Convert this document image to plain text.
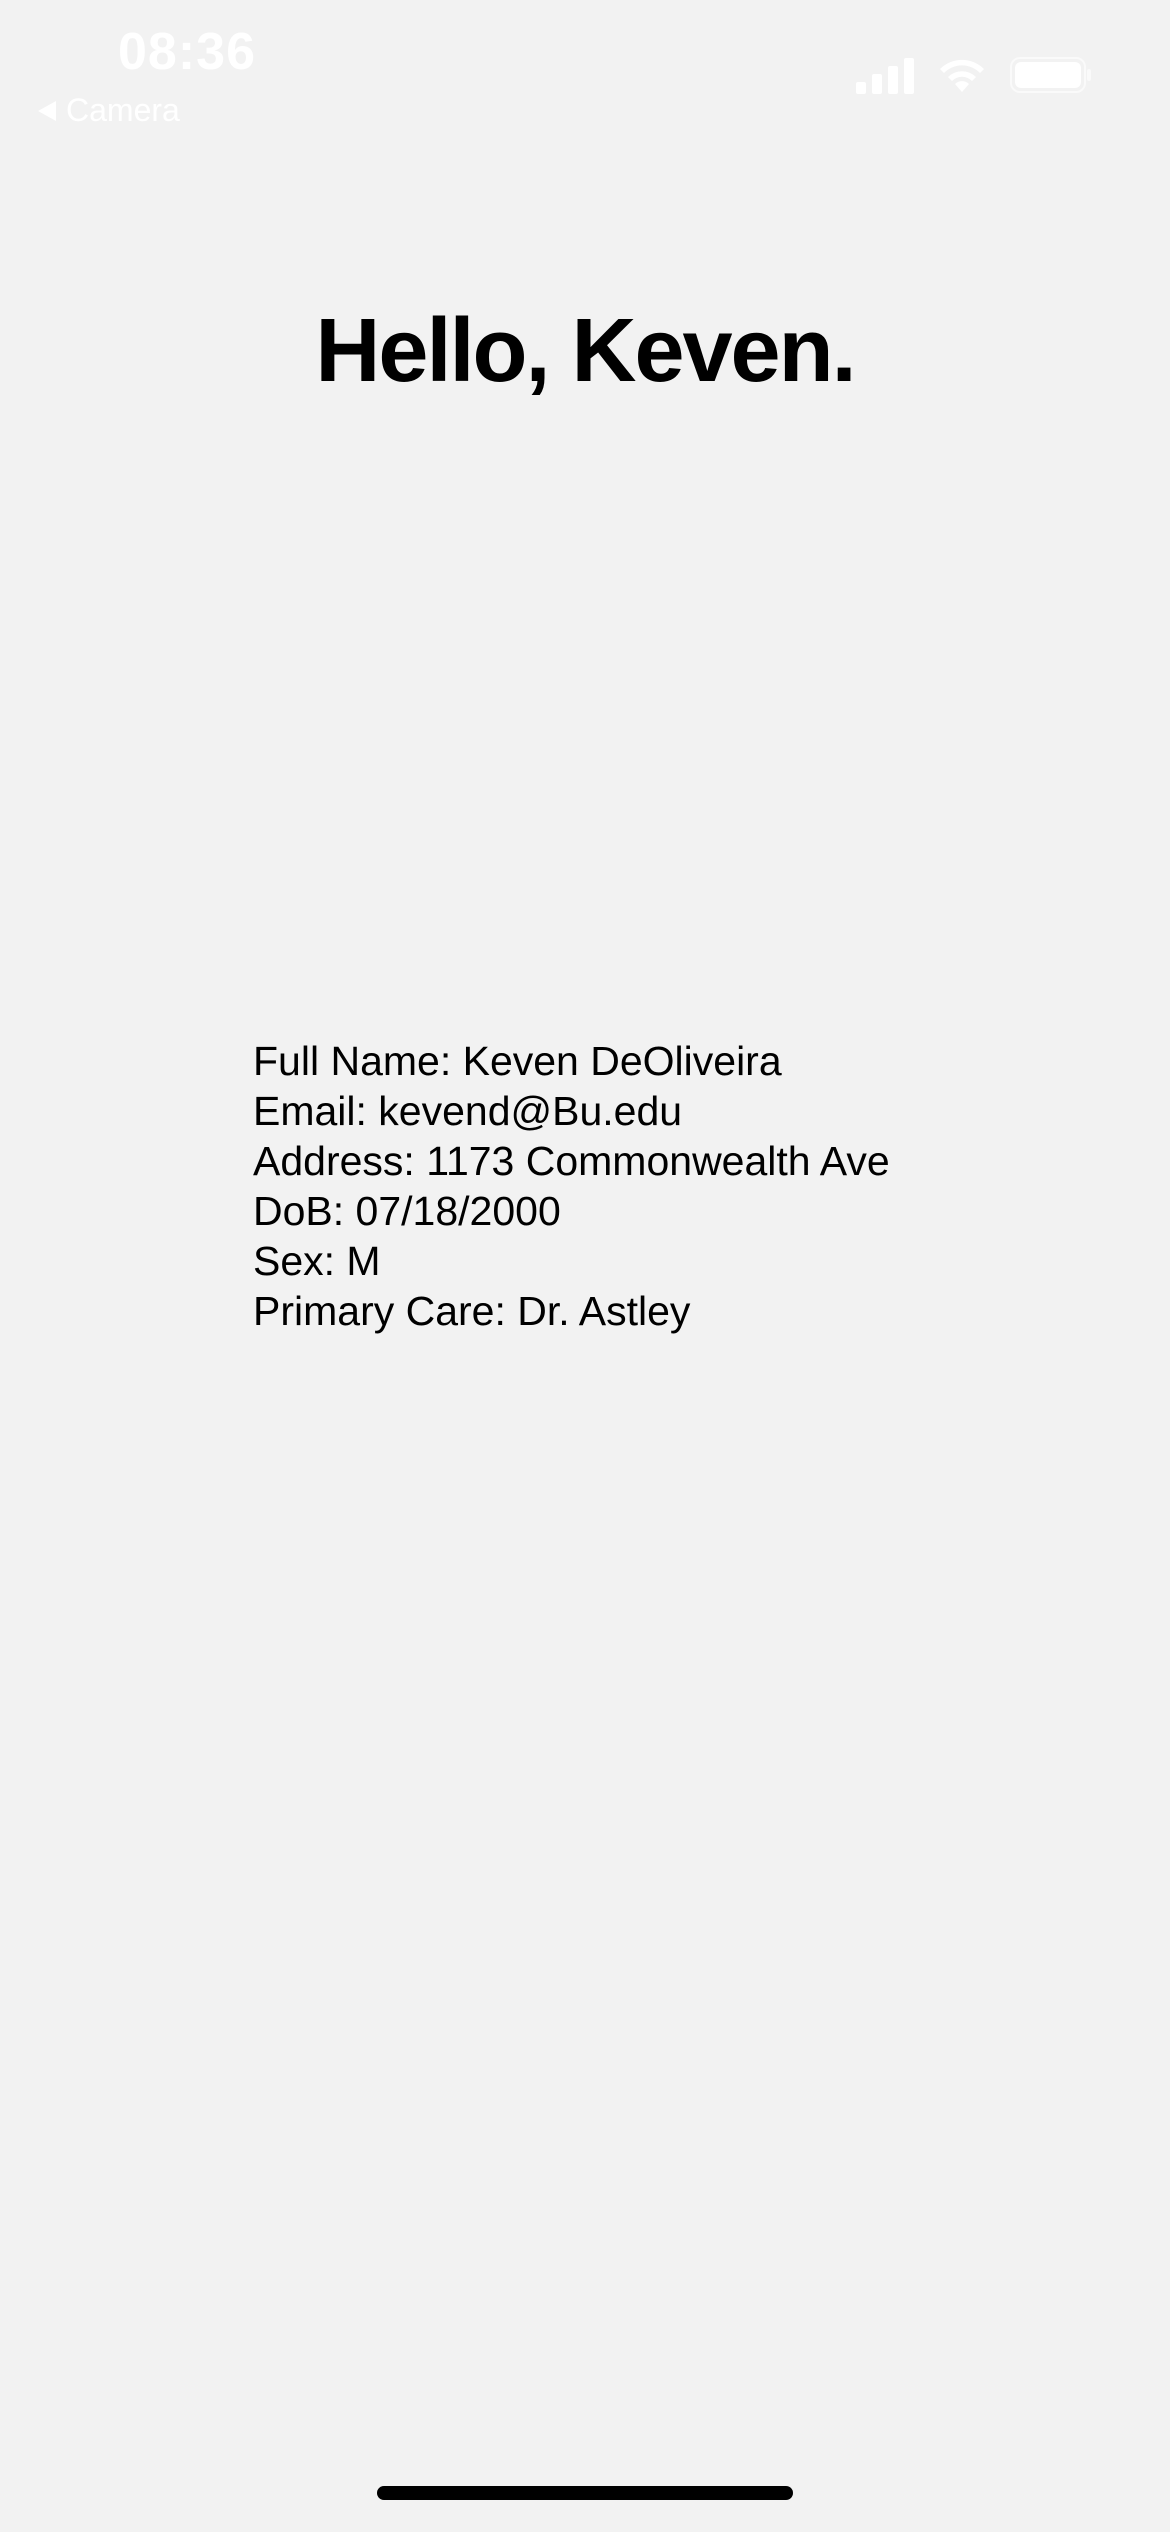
08:36
Camera
Hello, Keven.
Full Name: Keven DeOliveira
Email: kevend@Bu.edu
Address: 1173 Commonwealth Ave
DoB: 07/18/2000
Sex: M
Primary Care: Dr. Astley
